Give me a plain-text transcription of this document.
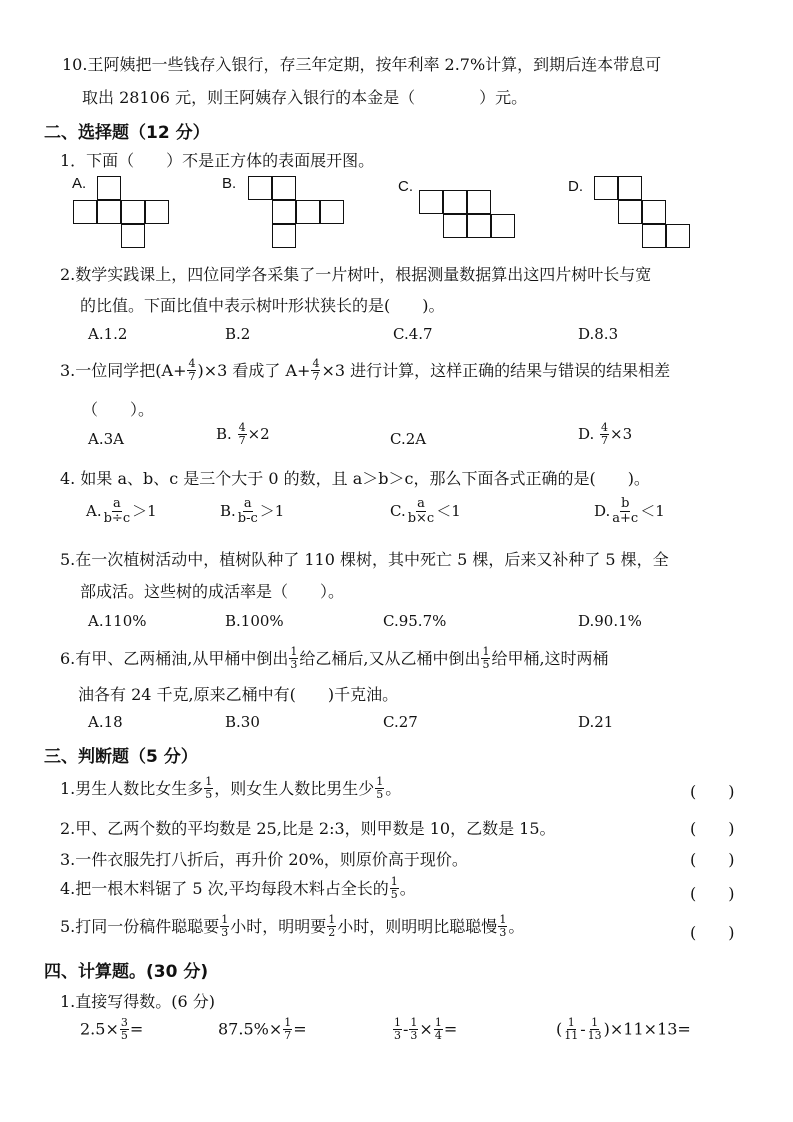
10.王阿姨把一些钱存入银行，存三年定期，按年利率 2.7%计算，到期后连本带息可
取出 28106 元，则王阿姨存入银行的本金是（　　　　）元。
二、选择题（12 分）
1．下面（　　）不是正方体的表面展开图。
A.	B.	C.	D.
2.数学实践课上，四位同学各采集了一片树叶，根据测量数据算出这四片树叶长与宽
的比值。下面比值中表示树叶形状狭长的是(　　)。
A.1.2	B.2	C.4.7	D.8.3
3.一位同学把$(A+ \frac{4}{7} )\times 3$ 看成了 $A+ \frac{4}{7} \times 3$ 进行计算，这样正确的结果与错误的结果相差
（　　）。
A.3A	B. $\frac{4}{7} \times 2$	C.2A	D. $\frac{4}{7} \times 3$
4. 如果 a、b、c 是三个大于 0 的数，且 a＞b＞c，那么下面各式正确的是(　　)。
A. $\frac{a}{b\div c} >1$	B. $\frac{a}{b-c} >1$	C. $\frac{a}{b\times c} <1$	D. $\frac{b}{a+c} <1$
5.在一次植树活动中，植树队种了 110 棵树，其中死亡 5 棵，后来又补种了 5 棵，全
部成活。这些树的成活率是（　　）。
A.110%	B.100%	C.95.7%	D.90.1%
6.有甲、乙两桶油,从甲桶中倒出 $\frac{1}{3}$ 给乙桶后,又从乙桶中倒出 $\frac{1}{5}$ 给甲桶,这时两桶
油各有 24 千克,原来乙桶中有(　　)千克油。
A.18	B.30	C.27	D.21
三、判断题（5 分）
1.男生人数比女生多 $\frac{1}{5}$ ，则女生人数比男生少 $\frac{1}{5}$ 。	(　　)
2.甲、乙两个数的平均数是 25,比是 2:3，则甲数是 10，乙数是 15。	(　　)
3.一件衣服先打八折后，再升价 20%，则原价高于现价。	(　　)
4.把一根木料锯了 5 次,平均每段木料占全长的 $\frac{1}{5}$ 。	(　　)
5.打同一份稿件聪聪要 $\frac{1}{3}$ 小时，明明要 $\frac{1}{2}$ 小时，则明明比聪聪慢 $\frac{1}{3}$ 。	(　　)
四、计算题。(30 分)
1.直接写得数。(6 分)
$2.5\times \frac{3}{5}$ =	$87.5\%\times \frac{1}{7}$ =	$\frac{1}{3} - \frac{1}{3} \times \frac{1}{4}$ =	( $\frac{1}{11} - \frac{1}{13} )\times 11\times 13=$
